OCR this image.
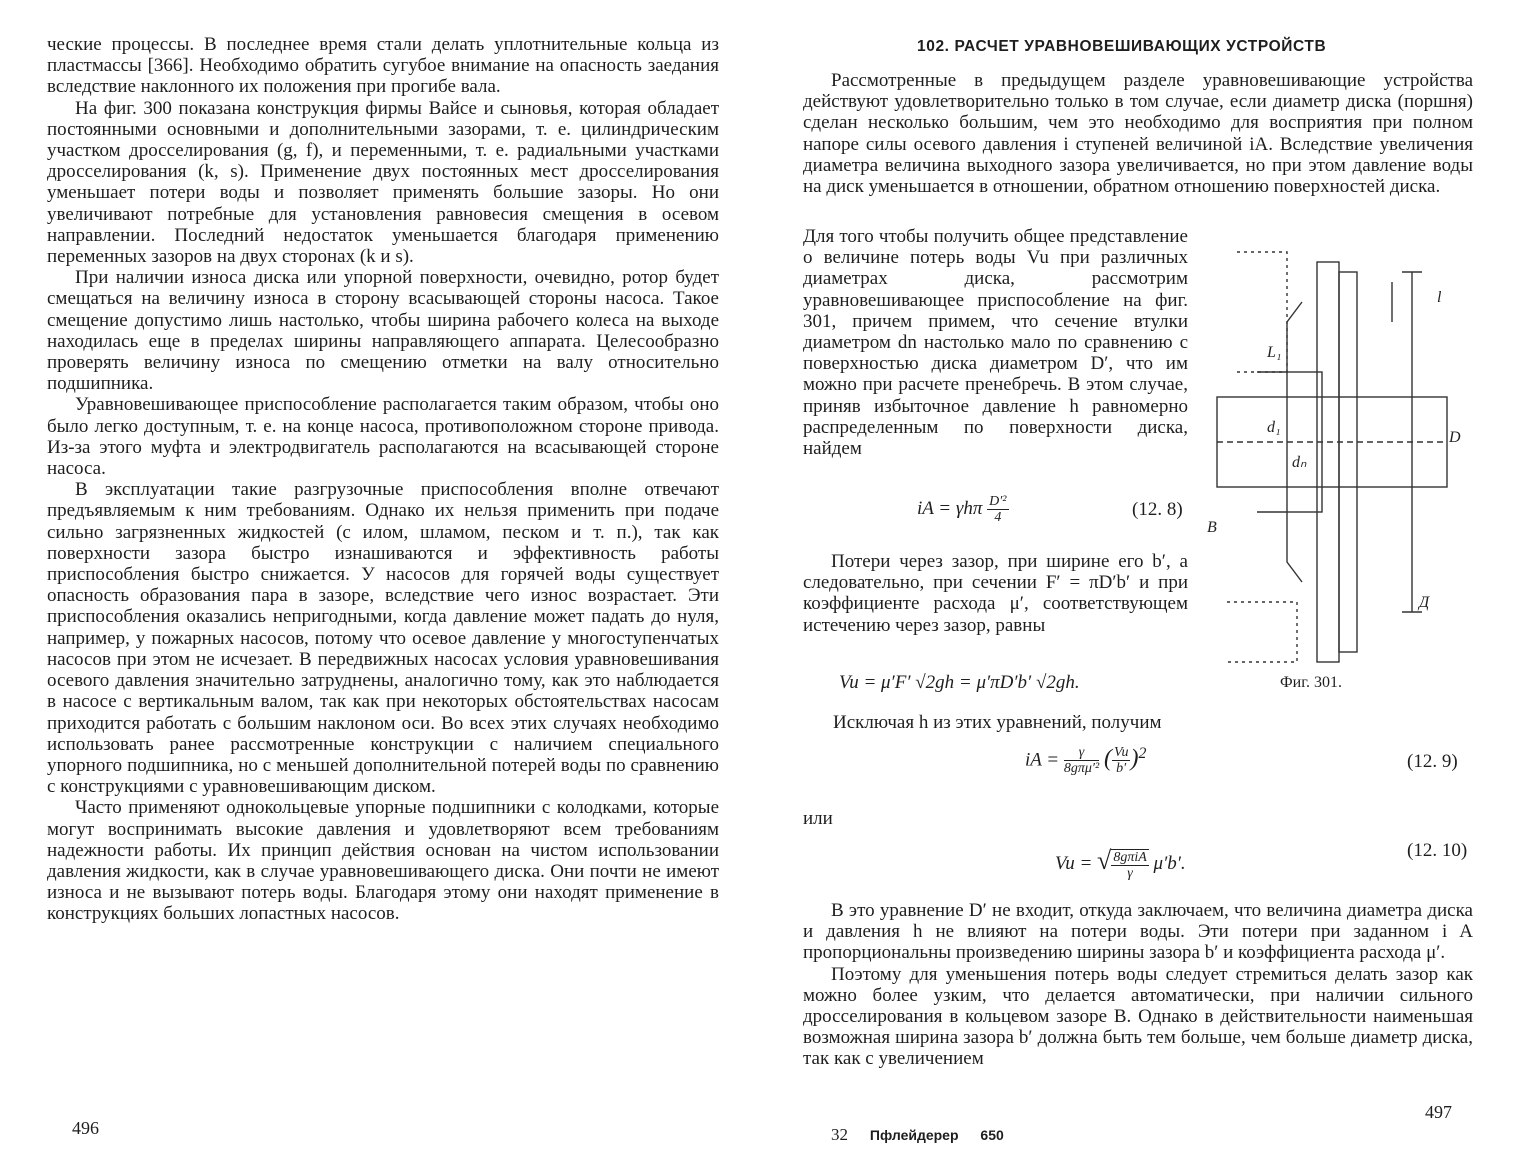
ческие процессы. В последнее время стали делать уплотнительные кольца из пластмассы [366]. Необходимо обратить сугубое внимание на опасность заедания вследствие наклонного их положения при прогибе вала.

На фиг. 300 показана конструкция фирмы Вайсе и сыновья, которая обладает постоянными основными и дополнительными зазорами, т. е. цилиндрическим участком дросселирования (g, f), и переменными, т. е. радиальными участками дросселирования (k, s). Применение двух постоянных мест дросселирования уменьшает потери воды и позволяет применять большие зазоры. Но они увеличивают потребные для установления равновесия смещения в осевом направлении. Последний недостаток уменьшается благодаря применению переменных зазоров на двух сторонах (k и s).

При наличии износа диска или упорной поверхности, очевидно, ротор будет смещаться на величину износа в сторону всасывающей стороны насоса. Такое смещение допустимо лишь настолько, чтобы ширина рабочего колеса на выходе находилась еще в пределах ширины направляющего аппарата. Целесообразно проверять величину износа по смещению отметки на валу относительно подшипника.

Уравновешивающее приспособление располагается таким образом, чтобы оно было легко доступным, т. е. на конце насоса, противоположном стороне привода. Из-за этого муфта и электродвигатель располагаются на всасывающей стороне насоса.

В эксплуатации такие разгрузочные приспособления вполне отвечают предъявляемым к ним требованиям. Однако их нельзя применить при подаче сильно загрязненных жидкостей (с илом, шламом, песком и т. п.), так как поверхности зазора быстро изнашиваются и эффективность работы приспособления быстро снижается. У насосов для горячей воды существует опасность образования пара в зазоре, вследствие чего износ возрастает. Эти приспособления оказались непригодными, когда давление может падать до нуля, например, у пожарных насосов, потому что осевое давление у многоступенчатых насосов при этом не исчезает. В передвижных насосах условия уравновешивания осевого давления значительно затруднены, аналогично тому, как это наблюдается в насосе с вертикальным валом, так как при некоторых обстоятельствах насосам приходится работать с большим наклоном оси. Во всех этих случаях необходимо использовать ранее рассмотренные конструкции с наличием специального упорного подшипника, но с меньшей дополнительной потерей воды по сравнению с конструкциями с уравновешивающим диском.

Часто применяют однокольцевые упорные подшипники с колодками, которые могут воспринимать высокие давления и удовлетворяют всем требованиям надежности работы. Их принцип действия основан на чистом использовании давления жидкости, как в случае уравновешивающего диска. Они почти не имеют износа и не вызывают потерь воды. Благодаря этому они находят применение в конструкциях больших лопастных насосов.

496
102. РАСЧЕТ УРАВНОВЕШИВАЮЩИХ УСТРОЙСТВ

Рассмотренные в предыдущем разделе уравновешивающие устройства действуют удовлетворительно только в том случае, если диаметр диска (поршня) сделан несколько большим, чем это необходимо для восприятия при полном напоре силы осевого давления i ступеней величиной iA. Вследствие увеличения диаметра величина выходного зазора увеличивается, но при этом давление воды на диск уменьшается в отношении, обратном отношению поверхностей диска.

Для того чтобы получить общее представление о величине потерь воды Vu при различных диаметрах диска, рассмотрим уравновешивающее приспособление на фиг. 301, причем примем, что сечение втулки диаметром dn настолько мало по сравнению с поверхностью диска диаметром D′, что им можно при расчете пренебречь. В этом случае, приняв избыточное давление h равномерно распределенным по поверхности диска, найдем

iA = γhπ $\frac{\text{D′²}}{4}$	(12. 8)

Потери через зазор, при ширине его b′, а следовательно, при сечении F′ = πD′b′ и при коэффициенте расхода μ′, соответствующем истечению через зазор, равны

Vu = μ′F′ √2gh = μ′πD′b′ √2gh.
l
L₁
D
d₁
dₙ
B
Д
Фиг. 301.
Исключая h из этих уравнений, получим
iA = $\frac{\gamma}{\text{8gπμ′²}}$ ( $\frac{Vu}{b'} )^2$	(12. 9)
или
Vu = √ $\frac{\text{8gπiA}}{\gamma} \mu'b'$.
(12. 10)

В это уравнение D′ не входит, откуда заключаем, что величина диаметра диска и давления h не влияют на потери воды. Эти потери при заданном i A пропорциональны произведению ширины зазора b′ и коэффициента расхода μ′.

Поэтому для уменьшения потерь воды следует стремиться делать зазор как можно более узким, что делается автоматически, при наличии сильного дросселирования в кольцевом зазоре B. Однако в действительности наименьшая возможная ширина зазора b′ должна быть тем больше, чем больше диаметр диска, так как с увеличением

32 Пфлейдерер 650
497
